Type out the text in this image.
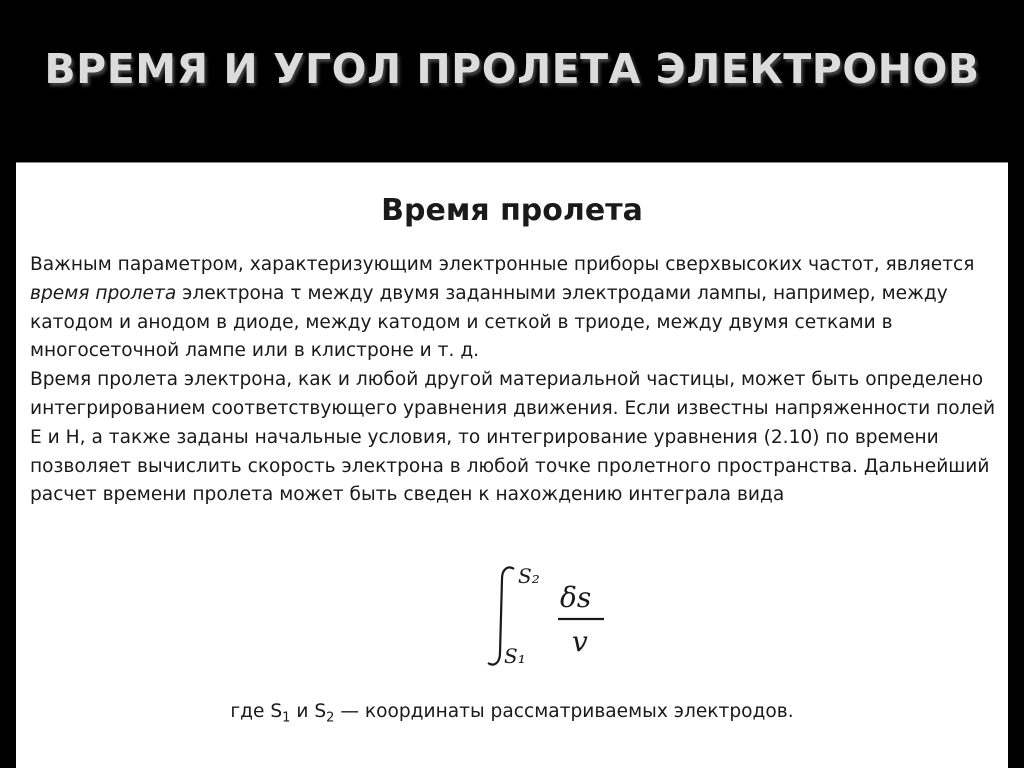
ВРЕМЯ И УГОЛ ПРОЛЕТА ЭЛЕКТРОНОВ
Время пролета

Важным параметром, характеризующим электронные приборы сверхвысоких частот, является время пролета электрона τ между двумя заданными электродами лампы, например, между катодом и анодом в диоде, между катодом и сеткой в триоде, между двумя сетками в многосеточной лампе или в клистроне и т. д.

Время пролета электрона, как и любой другой материальной частицы, может быть определено интегрированием соответствующего уравнения движения. Если известны напряженности полей E и H, а также заданы начальные условия, то интегрирование уравнения (2.10) по времени позволяет вычислить скорость электрона в любой точке пролетного пространства. Дальнейший расчет времени пролета может быть сведен к нахождению интеграла вида

S₂
S₁
δs
v
где $S_1$ и $S_2$ — координаты рассматриваемых электродов.
